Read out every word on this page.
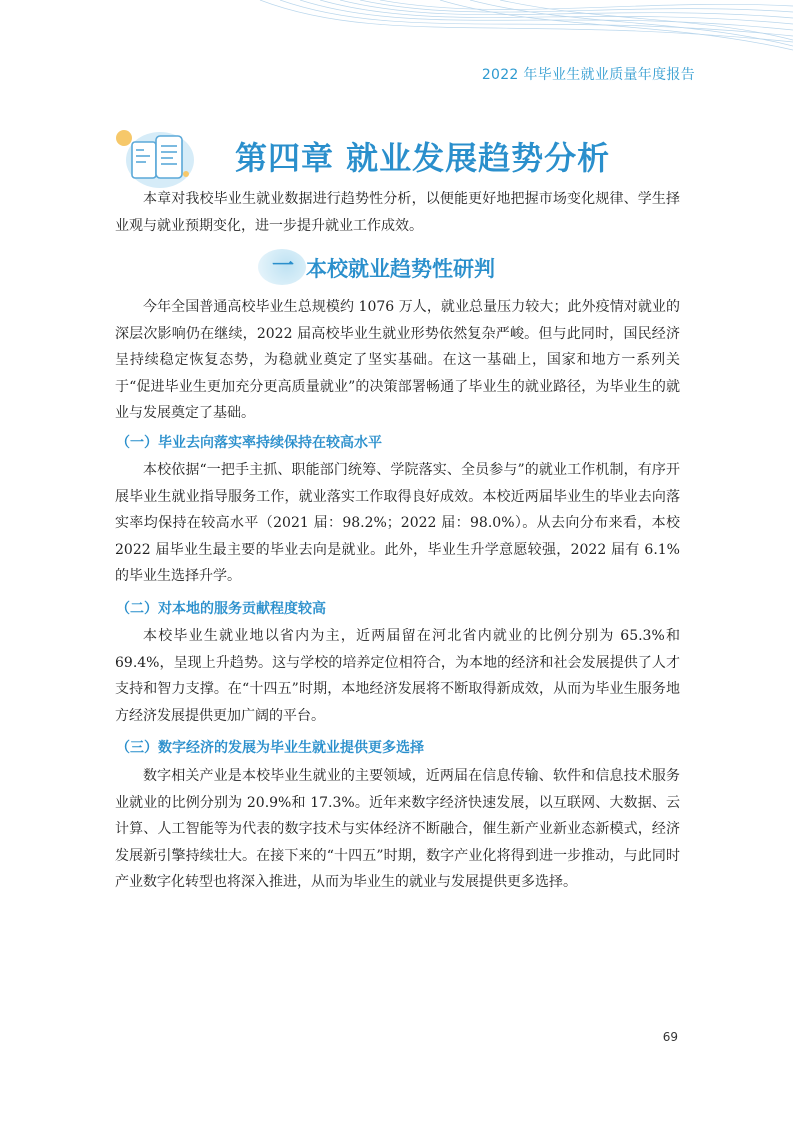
2022 年毕业生就业质量年度报告
第四章 就业发展趋势分析

本章对我校毕业生就业数据进行趋势性分析，以便能更好地把握市场变化规律、学生择业观与就业预期变化，进一步提升就业工作成效。

一 本校就业趋势性研判

今年全国普通高校毕业生总规模约 1076 万人，就业总量压力较大；此外疫情对就业的深层次影响仍在继续，2022 届高校毕业生就业形势依然复杂严峻。但与此同时，国民经济呈持续稳定恢复态势，为稳就业奠定了坚实基础。在这一基础上，国家和地方一系列关于“促进毕业生更加充分更高质量就业”的决策部署畅通了毕业生的就业路径，为毕业生的就业与发展奠定了基础。

（一）毕业去向落实率持续保持在较高水平

本校依据“一把手主抓、职能部门统筹、学院落实、全员参与”的就业工作机制，有序开展毕业生就业指导服务工作，就业落实工作取得良好成效。本校近两届毕业生的毕业去向落实率均保持在较高水平（2021 届：98.2%；2022 届：98.0%）。从去向分布来看，本校 2022 届毕业生最主要的毕业去向是就业。此外，毕业生升学意愿较强，2022 届有 6.1%的毕业生选择升学。

（二）对本地的服务贡献程度较高

本校毕业生就业地以省内为主，近两届留在河北省内就业的比例分别为 65.3%和 69.4%，呈现上升趋势。这与学校的培养定位相符合，为本地的经济和社会发展提供了人才支持和智力支撑。在“十四五”时期，本地经济发展将不断取得新成效，从而为毕业生服务地方经济发展提供更加广阔的平台。

（三）数字经济的发展为毕业生就业提供更多选择

数字相关产业是本校毕业生就业的主要领域，近两届在信息传输、软件和信息技术服务业就业的比例分别为 20.9%和 17.3%。近年来数字经济快速发展，以互联网、大数据、云计算、人工智能等为代表的数字技术与实体经济不断融合，催生新产业新业态新模式，经济发展新引擎持续壮大。在接下来的“十四五”时期，数字产业化将得到进一步推动，与此同时产业数字化转型也将深入推进，从而为毕业生的就业与发展提供更多选择。

69
